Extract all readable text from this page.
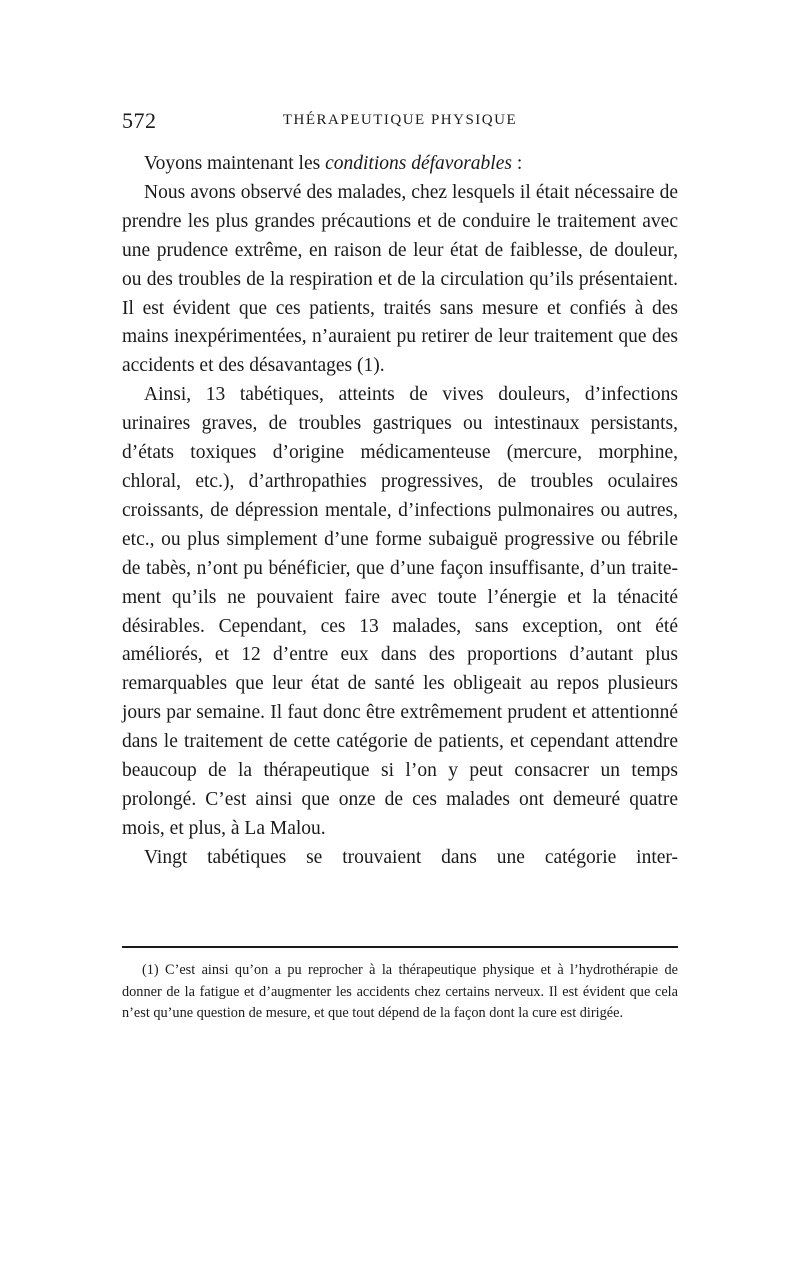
572	THÉRAPEUTIQUE PHYSIQUE

Voyons maintenant les conditions défavorables :

Nous avons observé des malades, chez lesquels il était nécessaire de prendre les plus grandes précautions et de conduire le traitement avec une prudence extrême, en raison de leur état de faiblesse, de douleur, ou des troubles de la respiration et de la circulation qu’ils présentaient. Il est évident que ces patients, traités sans mesure et confiés à des mains inexpérimentées, n’auraient pu retirer de leur traitement que des accidents et des désavantages (1).

Ainsi, 13 tabétiques, atteints de vives douleurs, d’infections urinaires graves, de troubles gastriques ou intestinaux persistants, d’états toxiques d’origine médicamenteuse (mercure, morphine, chloral, etc.), d’arthropathies progressives, de troubles oculaires croissants, de dépression mentale, d’infections pulmonaires ou autres, etc., ou plus simplement d’une forme subaiguë progressive ou fébrile de tabès, n’ont pu bénéficier, que d’une façon insuffisante, d’un traitement qu’ils ne pouvaient faire avec toute l’énergie et la ténacité désirables. Cependant, ces 13 malades, sans exception, ont été améliorés, et 12 d’entre eux dans des proportions d’autant plus remarquables que leur état de santé les obligeait au repos plusieurs jours par semaine. Il faut donc être extrêmement prudent et attentionné dans le traitement de cette catégorie de patients, et cependant attendre beaucoup de la thérapeutique si l’on y peut consacrer un temps prolongé. C’est ainsi que onze de ces malades ont demeuré quatre mois, et plus, à La Malou.

Vingt tabétiques se trouvaient dans une catégorie inter-

(1) C’est ainsi qu’on a pu reprocher à la thérapeutique physique et à l’hydrothérapie de donner de la fatigue et d’augmenter les accidents chez certains nerveux. Il est évident que cela n’est qu’une question de mesure, et que tout dépend de la façon dont la cure est dirigée.
